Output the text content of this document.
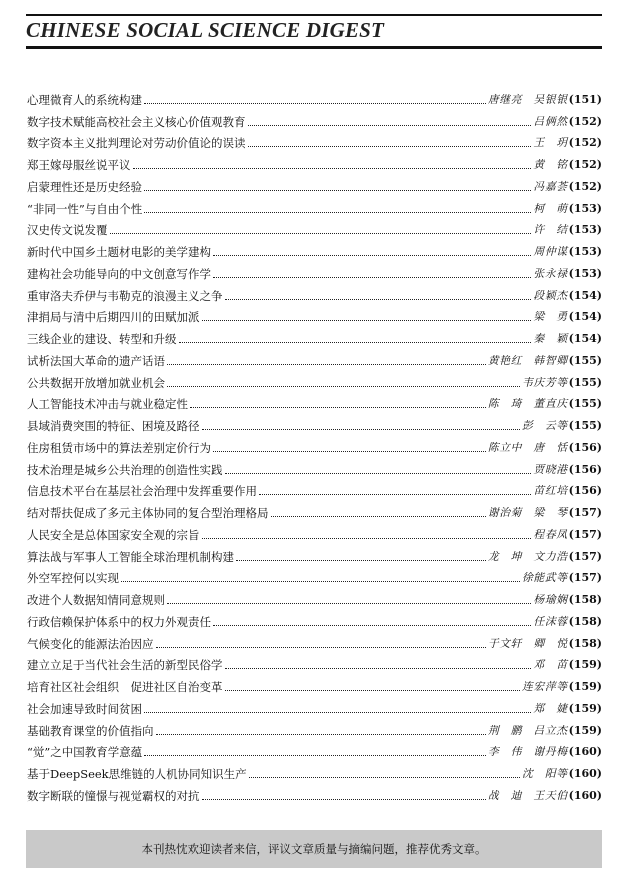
CHINESE SOCIAL SCIENCE DIGEST
心理微育人的系统构建	唐继亮　吴银银 (151)
数字技术赋能高校社会主义核心价值观教育	吕俩然 (152)
数字资本主义批判理论对劳动价值论的误读	王　玥 (152)
郑王嫁母服丝说平议	黄　铭 (152)
启蒙理性还是历史经验	冯嘉荟 (152)
“非同一性”与自由个性	柯　萌 (153)
汉史传文说发覆	许　结 (153)
新时代中国乡土题材电影的美学建构	周仲谋 (153)
建构社会功能导向的中文创意写作学	张永禄 (153)
重审洛夫乔伊与韦勒克的浪漫主义之争	段颖杰 (154)
津捐局与清中后期四川的田赋加派	梁　勇 (154)
三线企业的建设、转型和升级	秦　颖 (154)
试析法国大革命的遗产话语	黄艳红　韩智卿 (155)
公共数据开放增加就业机会	韦庆芳等 (155)
人工智能技术冲击与就业稳定性	陈　琦　董直庆 (155)
县域消费突围的特征、困境及路径	彭　云等 (155)
住房租赁市场中的算法差别定价行为	陈立中　唐　恬 (156)
技术治理是城乡公共治理的创造性实践	贾晓港 (156)
信息技术平台在基层社会治理中发挥重要作用	苗红培 (156)
结对帮扶促成了多元主体协同的复合型治理格局	谢治菊　梁　琴 (157)
人民安全是总体国家安全观的宗旨	程春凤 (157)
算法战与军事人工智能全球治理机制构建	龙　坤　文力浩 (157)
外空军控何以实现	徐能武等 (157)
改进个人数据知情同意规则	杨瑜娴 (158)
行政信赖保护体系中的权力外观责任	任沫蓉 (158)
气候变化的能源法治因应	于文轩　卿　悦 (158)
建立立足于当代社会生活的新型民俗学	邓　苗 (159)
培育社区社会组织　促进社区自治变革	连宏萍等 (159)
社会加速导致时间贫困	郑　婕 (159)
基础教育课堂的价值指向	荆　鹏　吕立杰 (159)
“觉”之中国教育学意蕴	李　伟　谢丹梅 (160)
基于DeepSeek思维链的人机协同知识生产	沈　阳等 (160)
数字断联的憧憬与视觉霸权的对抗	战　迪　王天伯 (160)
本刊热忱欢迎读者来信，评议文章质量与摘编问题，推荐优秀文章。
